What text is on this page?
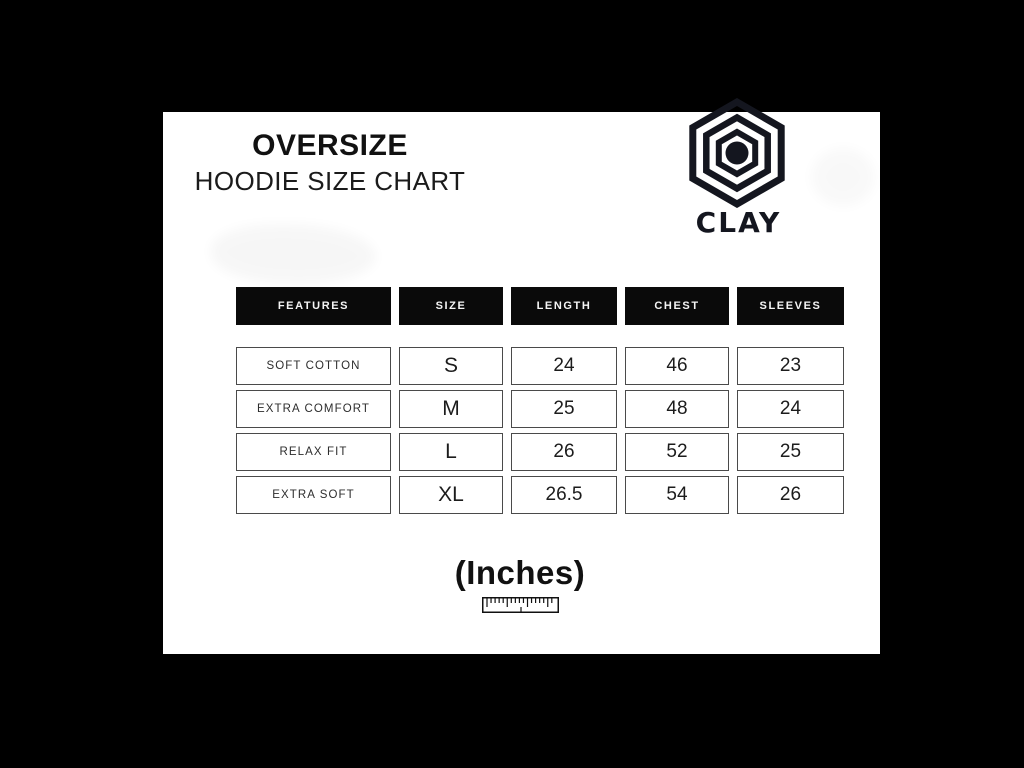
OVERSIZE
HOODIE SIZE CHART
CLAY
FEATURES	SIZE	LENGTH	CHEST	SLEEVES
SOFT COTTON	S	24	46	23
EXTRA COMFORT	M	25	48	24
RELAX FIT	L	26	52	25
EXTRA SOFT	XL	26.5	54	26
(Inches)
